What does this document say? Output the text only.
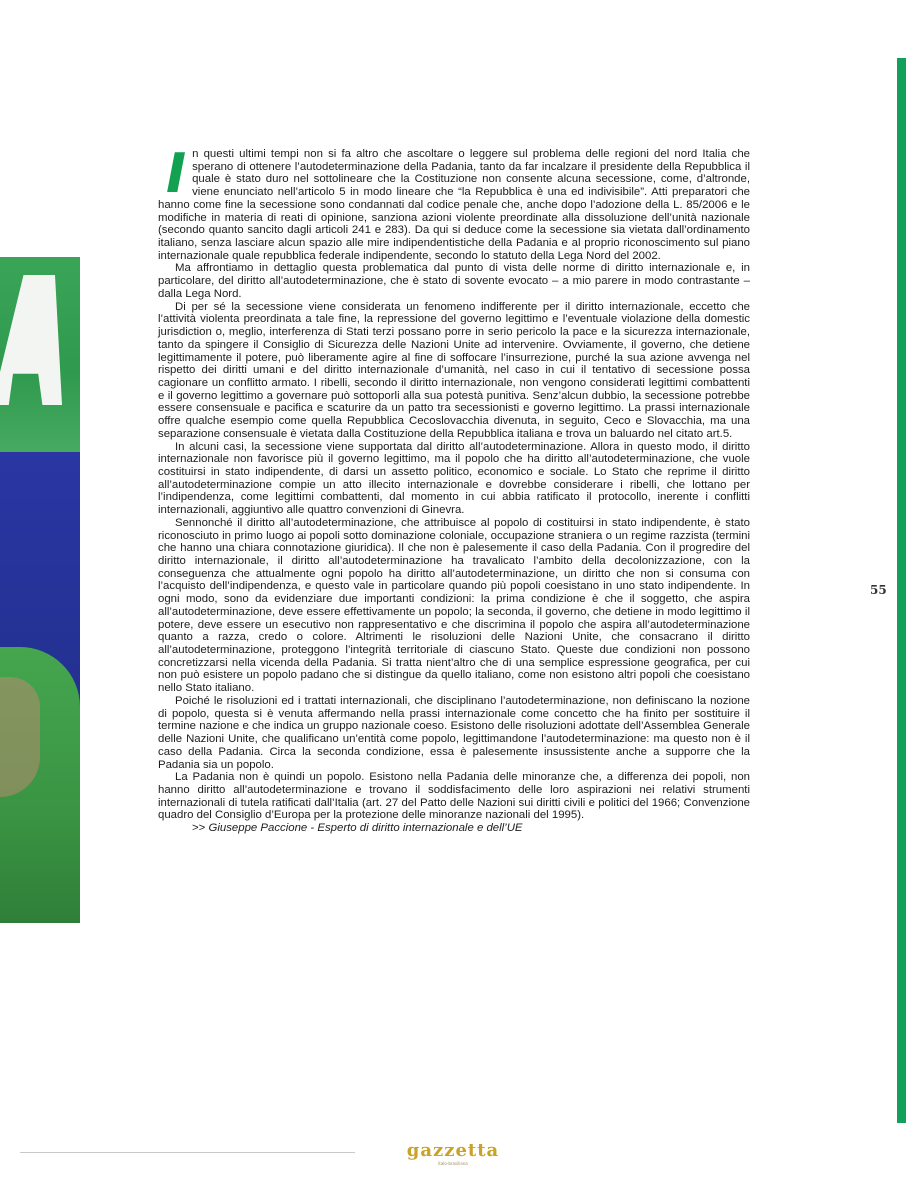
55

In questi ultimi tempi non si fa altro che ascoltare o leggere sul problema delle regioni del nord Italia che sperano di ottenere l’autodeterminazione della Padania, tanto da far incalzare il presidente della Repubblica il quale è stato duro nel sottolineare che la Costituzione non consente alcuna secessione, come, d’altronde, viene enunciato nell’articolo 5 in modo lineare che “la Repubblica è una ed indivisibile”. Atti preparatori che hanno come fine la secessione sono condannati dal codice penale che, anche dopo l’adozione della L. 85/2006 e le modifiche in materia di reati di opinione, sanziona azioni violente preordinate alla dissoluzione dell’unità nazionale (secondo quanto sancito dagli articoli 241 e 283). Da qui si deduce come la secessione sia vietata dall’ordinamento italiano, senza lasciare alcun spazio alle mire indipendentistiche della Padania e al proprio riconoscimento sul piano internazionale quale repubblica federale indipendente, secondo lo statuto della Lega Nord del 2002.

Ma affrontiamo in dettaglio questa problematica dal punto di vista delle norme di diritto internazionale e, in particolare, del diritto all’autodeterminazione, che è stato di sovente evocato – a mio parere in modo contrastante – dalla Lega Nord.

Di per sé la secessione viene considerata un fenomeno indifferente per il diritto internazionale, eccetto che l’attività violenta preordinata a tale fine, la repressione del governo legittimo e l’eventuale violazione della domestic jurisdiction o, meglio, interferenza di Stati terzi possano porre in serio pericolo la pace e la sicurezza internazionale, tanto da spingere il Consiglio di Sicurezza delle Nazioni Unite ad intervenire. Ovviamente, il governo, che detiene legittimamente il potere, può liberamente agire al fine di soffocare l’insurrezione, purché la sua azione avvenga nel rispetto dei diritti umani e del diritto internazionale d’umanità, nel caso in cui il tentativo di secessione possa cagionare un conflitto armato. I ribelli, secondo il diritto internazionale, non vengono considerati legittimi combattenti e il governo legittimo a governare può sottoporli alla sua potestà punitiva. Senz’alcun dubbio, la secessione potrebbe essere consensuale e pacifica e scaturire da un patto tra secessionisti e governo legittimo. La prassi internazionale offre qualche esempio come quella Repubblica Cecoslovacchia divenuta, in seguito, Ceco e Slovacchia, ma una separazione consensuale è vietata dalla Costituzione della Repubblica italiana e trova un baluardo nel citato art.5.

In alcuni casi, la secessione viene supportata dal diritto all’autodeterminazione. Allora in questo modo, il diritto internazionale non favorisce più il governo legittimo, ma il popolo che ha diritto all’autodeterminazione, che vuole costituirsi in stato indipendente, di darsi un assetto politico, economico e sociale. Lo Stato che reprime il diritto all’autodeterminazione compie un atto illecito internazionale e dovrebbe considerare i ribelli, che lottano per l’indipendenza, come legittimi combattenti, dal momento in cui abbia ratificato il protocollo, inerente i conflitti internazionali, aggiuntivo alle quattro convenzioni di Ginevra.

Sennonché il diritto all’autodeterminazione, che attribuisce al popolo di costituirsi in stato indipendente, è stato riconosciuto in primo luogo ai popoli sotto dominazione coloniale, occupazione straniera o un regime razzista (termini che hanno una chiara connotazione giuridica). Il che non è palesemente il caso della Padania. Con il progredire del diritto internazionale, il diritto all’autodeterminazione ha travalicato l’ambito della decolonizzazione, con la conseguenza che attualmente ogni popolo ha diritto all’autodeterminazione, un diritto che non si consuma con l’acquisto dell’indipendenza, e questo vale in particolare quando più popoli coesistano in uno stato indipendente. In ogni modo, sono da evidenziare due importanti condizioni: la prima condizione è che il soggetto, che aspira all’autodeterminazione, deve essere effettivamente un popolo; la seconda, il governo, che detiene in modo legittimo il potere, deve essere un esecutivo non rappresentativo e che discrimina il popolo che aspira all’autodeterminazione quanto a razza, credo o colore. Altrimenti le risoluzioni delle Nazioni Unite, che consacrano il diritto all’autodeterminazione, proteggono l’integrità territoriale di ciascuno Stato. Queste due condizioni non possono concretizzarsi nella vicenda della Padania. Si tratta nient’altro che di una semplice espressione geografica, per cui non può esistere un popolo padano che si distingue da quello italiano, come non esistono altri popoli che coesistano nello Stato italiano.

Poiché le risoluzioni ed i trattati internazionali, che disciplinano l’autodeterminazione, non definiscano la nozione di popolo, questa si è venuta affermando nella prassi internazionale come concetto che ha finito per sostituire il termine nazione e che indica un gruppo nazionale coeso. Esistono delle risoluzioni adottate dell’Assemblea Generale delle Nazioni Unite, che qualificano un’entità come popolo, legittimandone l’autodeterminazione: ma questo non è il caso della Padania. Circa la seconda condizione, essa è palesemente insussistente anche a supporre che la Padania sia un popolo.

La Padania non è quindi un popolo. Esistono nella Padania delle minoranze che, a differenza dei popoli, non hanno diritto all’autodeterminazione e trovano il soddisfacimento delle loro aspirazioni nei relativi strumenti internazionali di tutela ratificati dall’Italia (art. 27 del Patto delle Nazioni sui diritti civili e politici del 1966; Convenzione quadro del Consiglio d’Europa per la protezione delle minoranze nazionali del 1995).

>> Giuseppe Paccione - Esperto di diritto internazionale e dell’UE

gazzetta
italo-brasiliana
